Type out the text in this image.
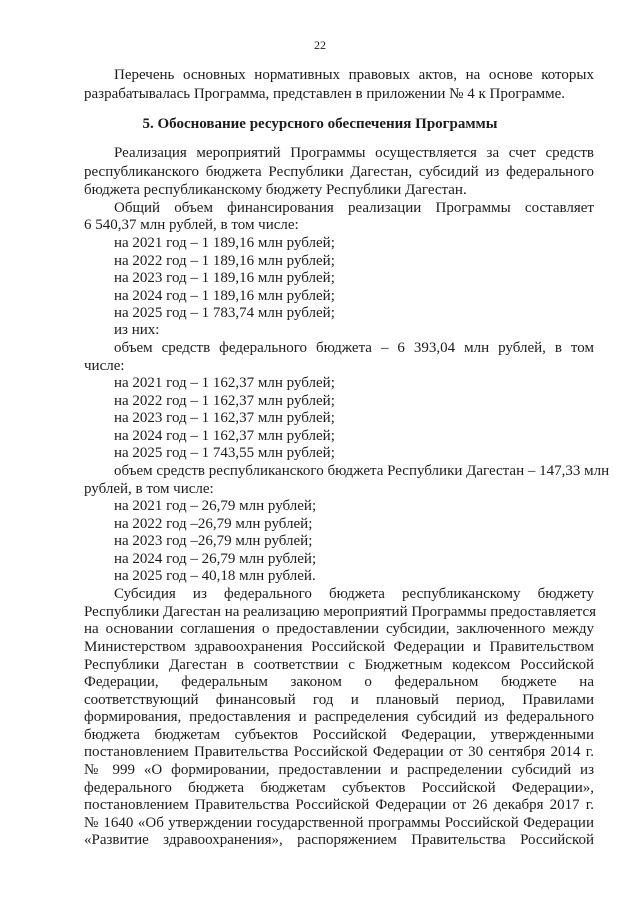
22
Перечень основных нормативных правовых актов, на основе которых
разрабатывалась Программа, представлен в приложении № 4 к Программе.
5. Обоснование ресурсного обеспечения Программы
Реализация мероприятий Программы осуществляется за счет средств
республиканского бюджета Республики Дагестан, субсидий из федерального
бюджета республиканскому бюджету Республики Дагестан.
Общий объем финансирования реализации Программы составляет
6 540,37 млн рублей, в том числе:
на 2021 год – 1 189,16 млн рублей;
на 2022 год – 1 189,16 млн рублей;
на 2023 год – 1 189,16 млн рублей;
на 2024 год – 1 189,16 млн рублей;
на 2025 год – 1 783,74 млн рублей;
из них:
объем средств федерального бюджета – 6 393,04 млн рублей, в том
числе:
на 2021 год – 1 162,37 млн рублей;
на 2022 год – 1 162,37 млн рублей;
на 2023 год – 1 162,37 млн рублей;
на 2024 год – 1 162,37 млн рублей;
на 2025 год – 1 743,55 млн рублей;
объем средств республиканского бюджета Республики Дагестан – 147,33 млн
рублей, в том числе:
на 2021 год – 26,79 млн рублей;
на 2022 год –26,79 млн рублей;
на 2023 год –26,79 млн рублей;
на 2024 год – 26,79 млн рублей;
на 2025 год – 40,18 млн рублей.
Субсидия из федерального бюджета республиканскому бюджету
Республики Дагестан на реализацию мероприятий Программы предоставляется
на основании соглашения о предоставлении субсидии, заключенного между
Министерством здравоохранения Российской Федерации и Правительством
Республики Дагестан в соответствии с Бюджетным кодексом Российской
Федерации, федеральным законом о федеральном бюджете на
соответствующий финансовый год и плановый период, Правилами
формирования, предоставления и распределения субсидий из федерального
бюджета бюджетам субъектов Российской Федерации, утвержденными
постановлением Правительства Российской Федерации от 30 сентября 2014 г.
№ 999 «О формировании, предоставлении и распределении субсидий из
федерального бюджета бюджетам субъектов Российской Федерации»,
постановлением Правительства Российской Федерации от 26 декабря 2017 г.
№ 1640 «Об утверждении государственной программы Российской Федерации
«Развитие здравоохранения», распоряжением Правительства Российской
